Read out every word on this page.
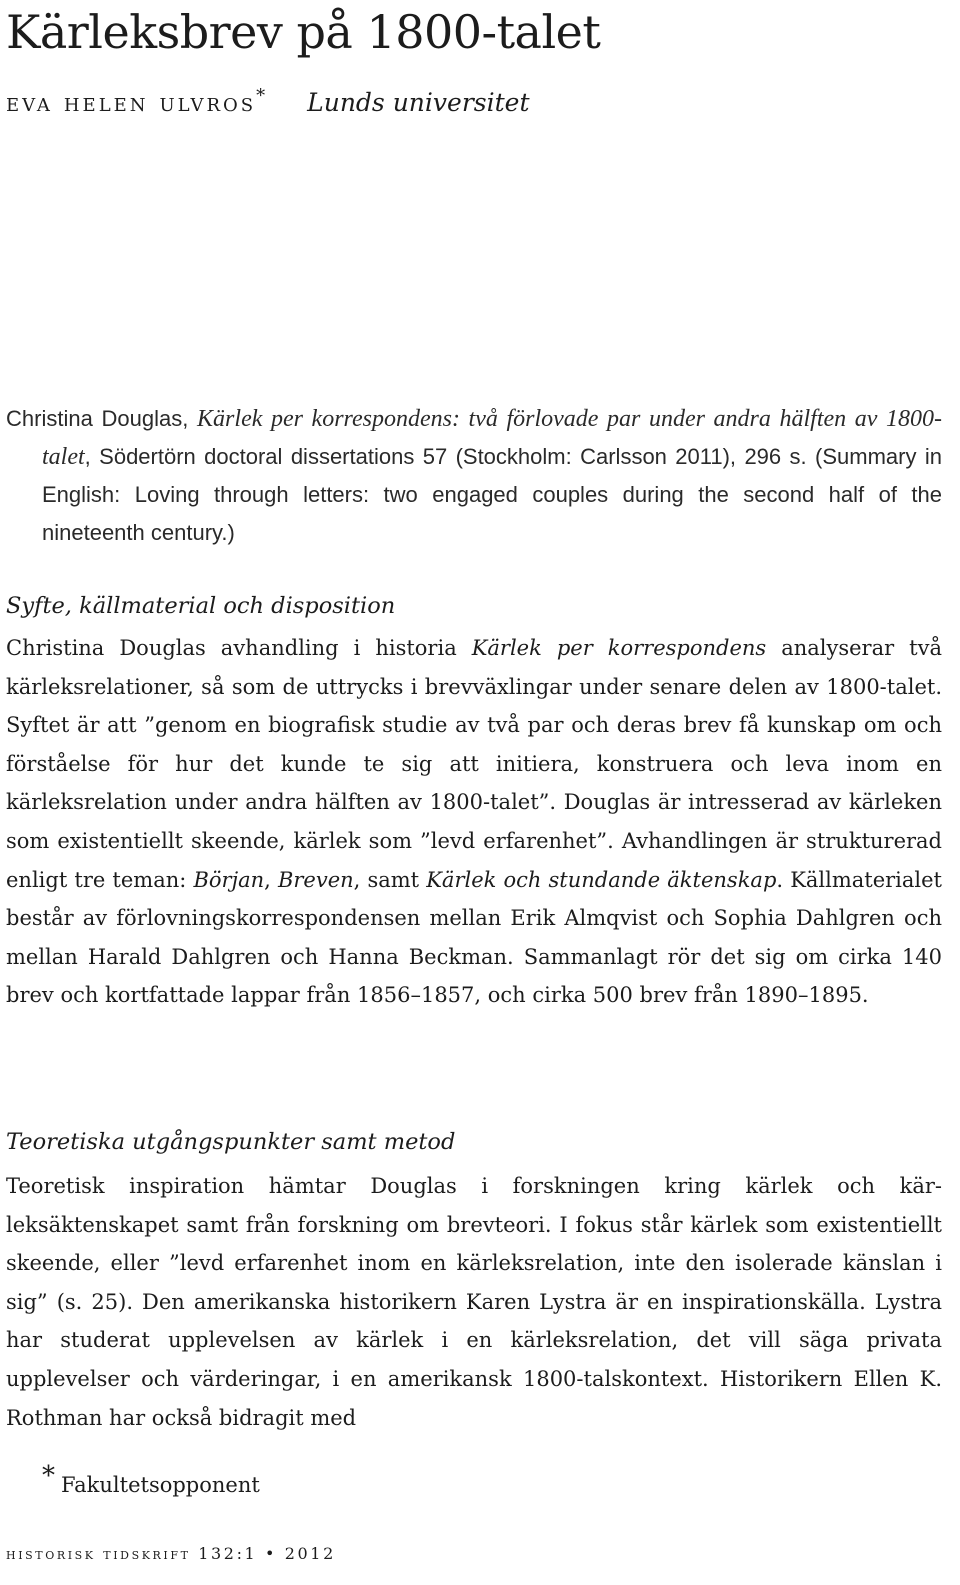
Kärleksbrev på 1800-talet
eva helen ulvros* Lunds universitet

Christina Douglas, Kärlek per korrespondens: två förlovade par under andra hälften av 1800-talet, Södertörn doctoral dissertations 57 (Stockholm: Carlsson 2011), 296 s. (Summary in English: Loving through letters: two engaged couples during the second half of the nineteenth century.)

Syfte, källmaterial och disposition

Christina Douglas avhandling i historia Kärlek per korrespondens analyserar två kärleksrelationer, så som de uttrycks i brevväxlingar under senare delen av 1800-talet. Syftet är att ”genom en biografisk studie av två par och deras brev få kunskap om och förståelse för hur det kunde te sig att initiera, konstruera och leva inom en kärleksrelation under andra hälften av 1800-talet”. Douglas är intresserad av kärleken som existentiellt skeende, kärlek som ”levd erfarenhet”. Avhandlingen är strukturerad enligt tre teman: Början, Breven, samt Kärlek och stundande äktenskap. Källmaterialet består av förlovningskorrespondensen mellan Erik Almqvist och Sophia Dahlgren och mellan Harald Dahlgren och Hanna Beckman. Sammanlagt rör det sig om cirka 140 brev och kortfattade lappar från 1856–1857, och cirka 500 brev från 1890–1895.

Teoretiska utgångspunkter samt metod

Teoretisk inspiration hämtar Douglas i forskningen kring kärlek och kärleksäktenskapet samt från forskning om brevteori. I fokus står kärlek som existentiellt skeende, eller ”levd erfarenhet inom en kärleksrelation, inte den isolerade känslan i sig” (s. 25). Den amerikanska historikern Karen Lystra är en inspirationskälla. Lystra har studerat upplevelsen av kärlek i en kärleksrelation, det vill säga privata upplevelser och värderingar, i en amerikansk 1800-talskontext. Historikern Ellen K. Rothman har också bidragit med

* Fakultetsopponent
historisk tidskrift 132:1 • 2012
